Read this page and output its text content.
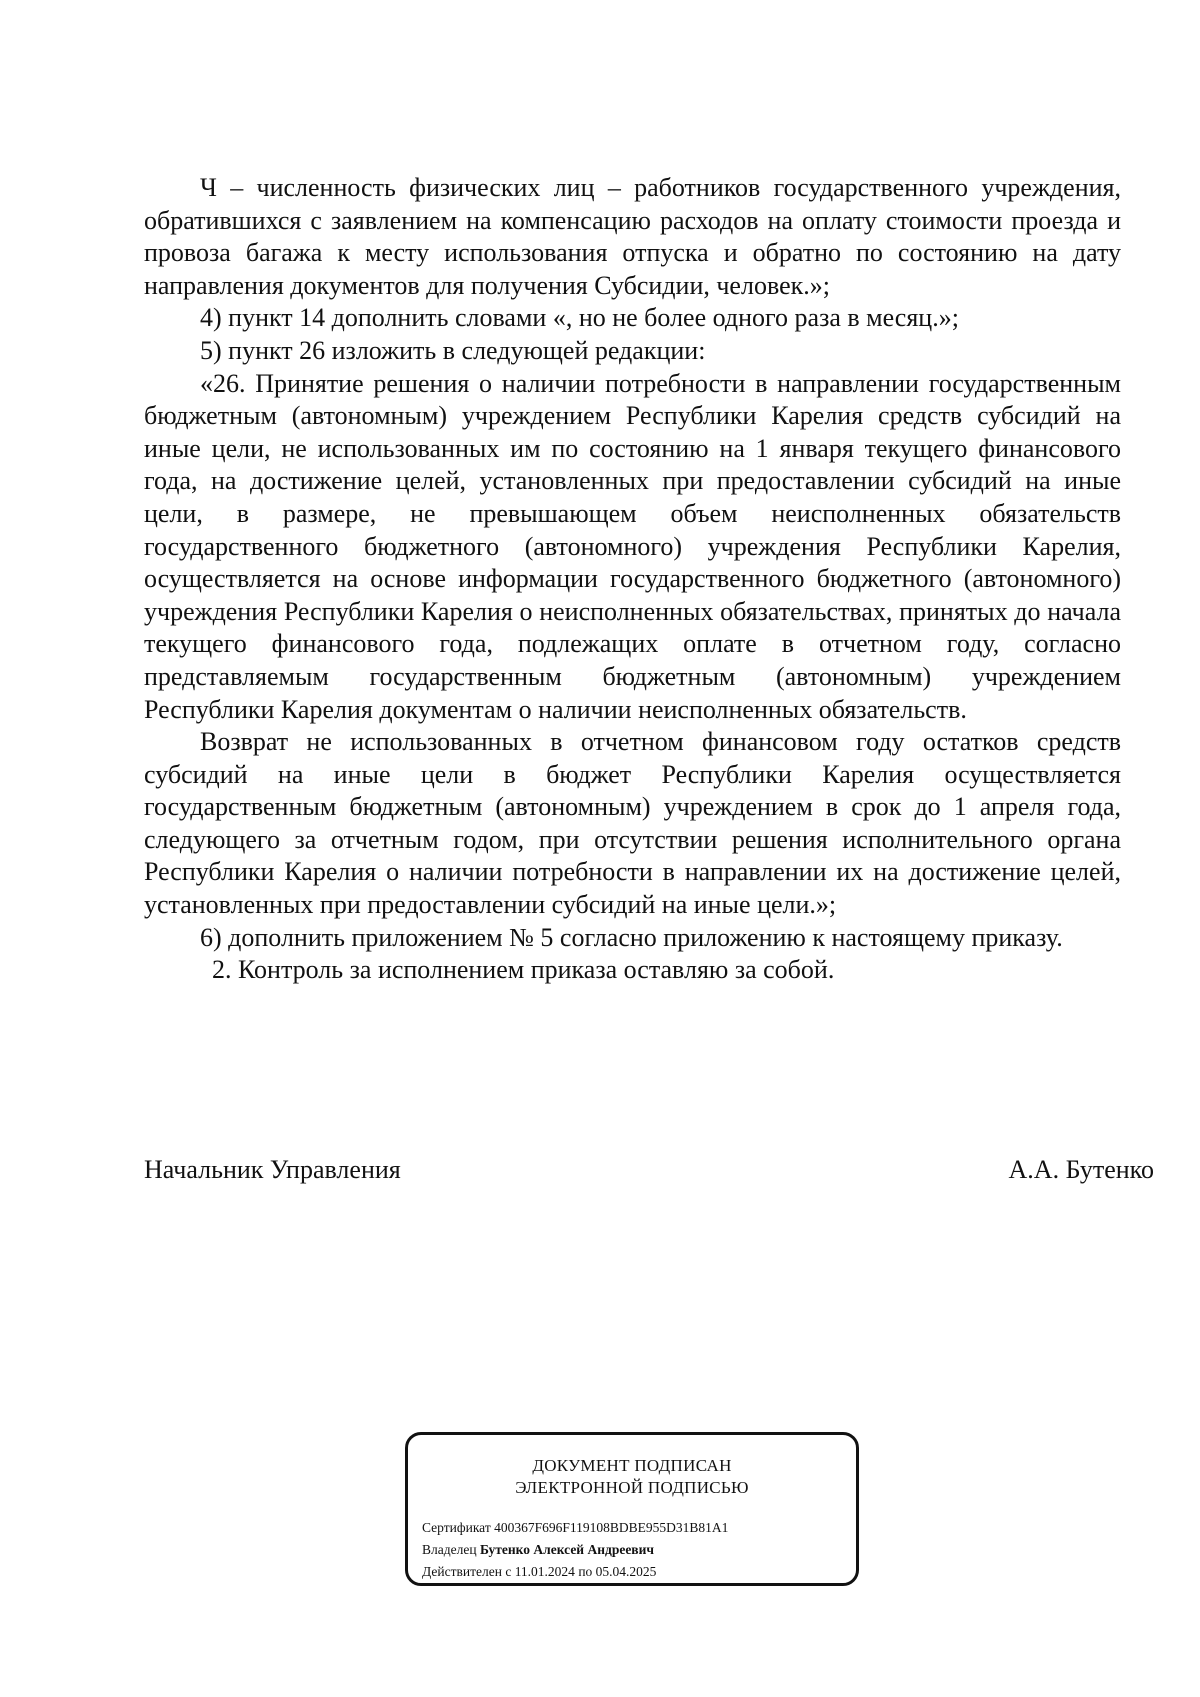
Ч – численность физических лиц – работников государственного учреждения, обратившихся с заявлением на компенсацию расходов на оплату стоимости проезда и провоза багажа к месту использования отпуска и обратно по состоянию на дату направления документов для получения Субсидии, человек.»;

4) пункт 14 дополнить словами «, но не более одного раза в месяц.»;

5) пункт 26 изложить в следующей редакции:

«26. Принятие решения о наличии потребности в направлении государственным бюджетным (автономным) учреждением Республики Карелия средств субсидий на иные цели, не использованных им по состоянию на 1 января текущего финансового года, на достижение целей, установленных при предоставлении субсидий на иные цели, в размере, не превышающем объем неисполненных обязательств государственного бюджетного (автономного) учреждения Республики Карелия, осуществляется на основе информации государственного бюджетного (автономного) учреждения Республики Карелия о неисполненных обязательствах, принятых до начала текущего финансового года, подлежащих оплате в отчетном году, согласно представляемым государственным бюджетным (автономным) учреждением Республики Карелия документам о наличии неисполненных обязательств.

Возврат не использованных в отчетном финансовом году остатков средств субсидий на иные цели в бюджет Республики Карелия осуществляется государственным бюджетным (автономным) учреждением в срок до 1 апреля года, следующего за отчетным годом, при отсутствии решения исполнительного органа Республики Карелия о наличии потребности в направлении их на достижение целей, установленных при предоставлении субсидий на иные цели.»;

6) дополнить приложением № 5 согласно приложению к настоящему приказу.

2. Контроль за исполнением приказа оставляю за собой.

Начальник Управления	А.А. Бутенко
ДОКУМЕНТ ПОДПИСАН
ЭЛЕКТРОННОЙ ПОДПИСЬЮ
Сертификат 400367F696F119108BDBE955D31B81A1
Владелец Бутенко Алексей Андреевич
Действителен с 11.01.2024 по 05.04.2025
